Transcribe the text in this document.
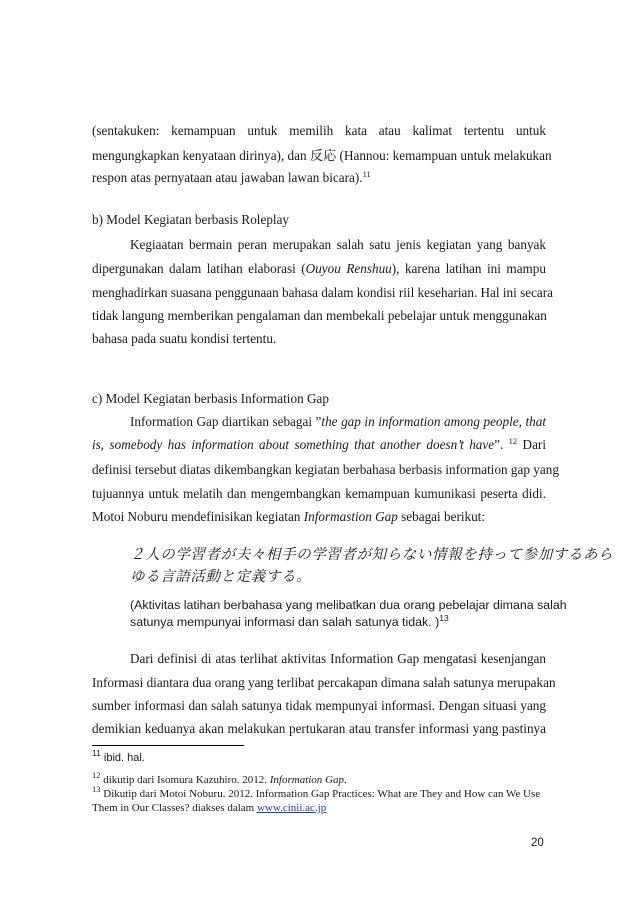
(sentakuken: kemampuan untuk memilih kata atau kalimat tertentu untuk
mengungkapkan kenyataan dirinya), dan 反応 (Hannou: kemampuan untuk melakukan
respon atas pernyataan atau jawaban lawan bicara).$^{11}$
b) Model Kegiatan berbasis Roleplay
Kegiaatan bermain peran merupakan salah satu jenis kegiatan yang banyak
dipergunakan dalam latihan elaborasi (Ouyou Renshuu), karena latihan ini mampu
menghadirkan suasana penggunaan bahasa dalam kondisi riil keseharian. Hal ini secara
tidak langung memberikan pengalaman dan membekali pebelajar untuk menggunakan
bahasa pada suatu kondisi tertentu.
c) Model Kegiatan berbasis Information Gap
Information Gap diartikan sebagai ”the gap in information among people, that
is, somebody has information about something that another doesn’t have”. $^{12}$ Dari
definisi tersebut diatas dikembangkan kegiatan berbahasa berbasis information gap yang
tujuannya untuk melatih dan mengembangkan kemampuan kumunikasi peserta didi.
Motoi Noburu mendefinisikan kegiatan Informastion Gap sebagai berikut:
２人の学習者が夫々相手の学習者が知らない情報を持って参加するあら
ゆる言語活動と定義する。
(Aktivitas latihan berbahasa yang melibatkan dua orang pebelajar dimana salah
satunya mempunyai informasi dan salah satunya tidak. )$^{13}$
Dari definisi di atas terlihat aktivitas Information Gap mengatasi kesenjangan
Informasi diantara dua orang yang terlibat percakapan dimana salah satunya merupakan
sumber informasi dan salah satunya tidak mempunyai informasi. Dengan situasi yang
demikian keduanya akan melakukan pertukaran atau transfer informasi yang pastinya
$^{11}$ ibid. hal.
$^{12}$ dikutip dari Isomura Kazuhiro. 2012. Information Gap.
$^{13}$ Dikutip dari Motoi Noburu. 2012. Information Gap Practices: What are They and How can We Use
Them in Our Classes? diakses dalam www.cinii.ac.jp
20
